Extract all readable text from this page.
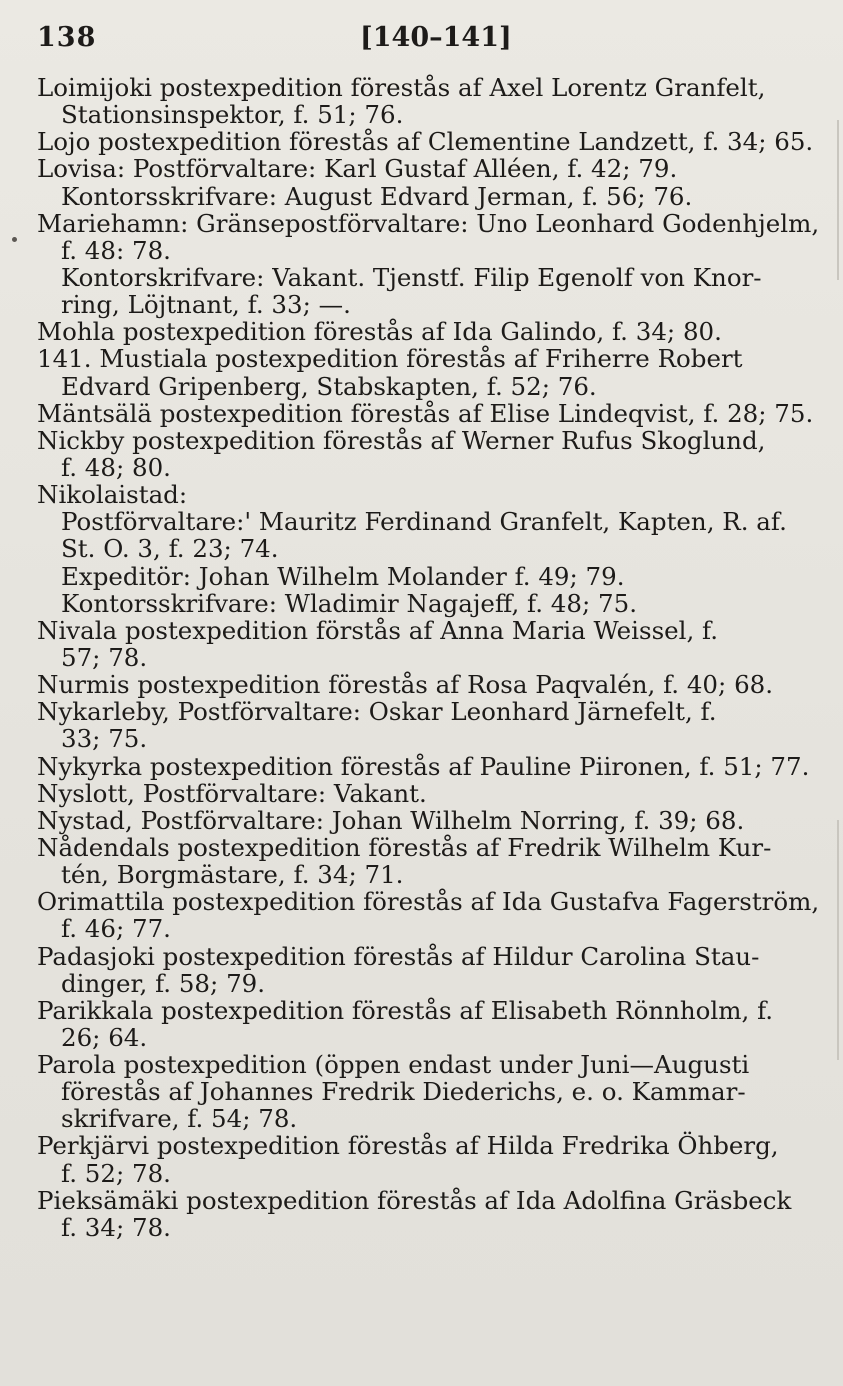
138	[140–141]
Loimijoki postexpedition förestås af Axel Lorentz Granfelt,
Stationsinspektor, f. 51; 76.
Lojo postexpedition förestås af Clementine Landzett, f. 34; 65.
Lovisa: Postförvaltare: Karl Gustaf Alléen, f. 42; 79.
Kontorsskrifvare: August Edvard Jerman, f. 56; 76.
Mariehamn: Gränsepostförvaltare: Uno Leonhard Godenhjelm,
f. 48: 78.
Kontorskrifvare: Vakant. Tjenstf. Filip Egenolf von Knor-
ring, Löjtnant, f. 33; —.
Mohla postexpedition förestås af Ida Galindo, f. 34; 80.
141. Mustiala postexpedition förestås af Friherre Robert
Edvard Gripenberg, Stabskapten, f. 52; 76.
Mäntsälä postexpedition förestås af Elise Lindeqvist, f. 28; 75.
Nickby postexpedition förestås af Werner Rufus Skoglund,
f. 48; 80.
Nikolaistad:
Postförvaltare:' Mauritz Ferdinand Granfelt, Kapten, R. af.
St. O. 3, f. 23; 74.
Expeditör: Johan Wilhelm Molander f. 49; 79.
Kontorsskrifvare: Wladimir Nagajeff, f. 48; 75.
Nivala postexpedition förstås af Anna Maria Weissel, f.
57; 78.
Nurmis postexpedition förestås af Rosa Paqvalén, f. 40; 68.
Nykarleby, Postförvaltare: Oskar Leonhard Järnefelt, f.
33; 75.
Nykyrka postexpedition förestås af Pauline Piironen, f. 51; 77.
Nyslott, Postförvaltare: Vakant.
Nystad, Postförvaltare: Johan Wilhelm Norring, f. 39; 68.
Nådendals postexpedition förestås af Fredrik Wilhelm Kur-
tén, Borgmästare, f. 34; 71.
Orimattila postexpedition förestås af Ida Gustafva Fagerström,
f. 46; 77.
Padasjoki postexpedition förestås af Hildur Carolina Stau-
dinger, f. 58; 79.
Parikkala postexpedition förestås af Elisabeth Rönnholm, f.
26; 64.
Parola postexpedition (öppen endast under Juni—Augusti
förestås af Johannes Fredrik Diederichs, e. o. Kammar-
skrifvare, f. 54; 78.
Perkjärvi postexpedition förestås af Hilda Fredrika Öhberg,
f. 52; 78.
Pieksämäki postexpedition förestås af Ida Adolfina Gräsbeck
f. 34; 78.
